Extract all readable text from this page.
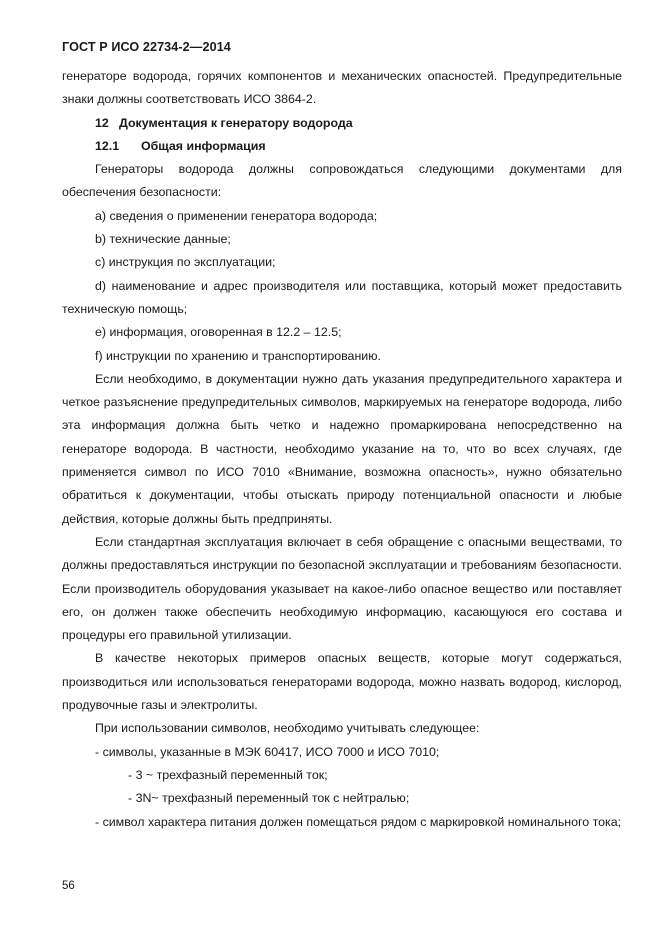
ГОСТ Р ИСО 22734-2—2014

генераторе водорода, горячих компонентов и механических опасностей. Предупредительные знаки должны соответствовать ИСО 3864-2.

12 Документация к генератору водорода

12.1 Общая информация

Генераторы водорода должны сопровождаться следующими документами для обеспечения безопасности:

а) сведения о применении генератора водорода;

b) технические данные;

c) инструкция по эксплуатации;

d) наименование и адрес производителя или поставщика, который может предоставить техническую помощь;

e) информация, оговоренная в 12.2 – 12.5;

f) инструкции по хранению и транспортированию.

Если необходимо, в документации нужно дать указания предупредительного характера и четкое разъяснение предупредительных символов, маркируемых на генераторе водорода, либо эта информация должна быть четко и надежно промаркирована непосредственно на генераторе водорода. В частности, необходимо указание на то, что во всех случаях, где применяется символ по ИСО 7010 «Внимание, возможна опасность», нужно обязательно обратиться к документации, чтобы отыскать природу потенциальной опасности и любые действия, которые должны быть предприняты.

Если стандартная эксплуатация включает в себя обращение с опасными веществами, то должны предоставляться инструкции по безопасной эксплуатации и требованиям безопасности. Если производитель оборудования указывает на какое-либо опасное вещество или поставляет его, он должен также обеспечить необходимую информацию, касающуюся его состава и процедуры его правильной утилизации.

В качестве некоторых примеров опасных веществ, которые могут содержаться, производиться или использоваться генераторами водорода, можно назвать водород, кислород, продувочные газы и электролиты.

При использовании символов, необходимо учитывать следующее:

- символы, указанные в МЭК 60417, ИСО 7000 и ИСО 7010;

- 3 ~ трехфазный переменный ток;

- 3N~ трехфазный переменный ток с нейтралью;

- символ характера питания должен помещаться рядом с маркировкой номинального тока;

56
